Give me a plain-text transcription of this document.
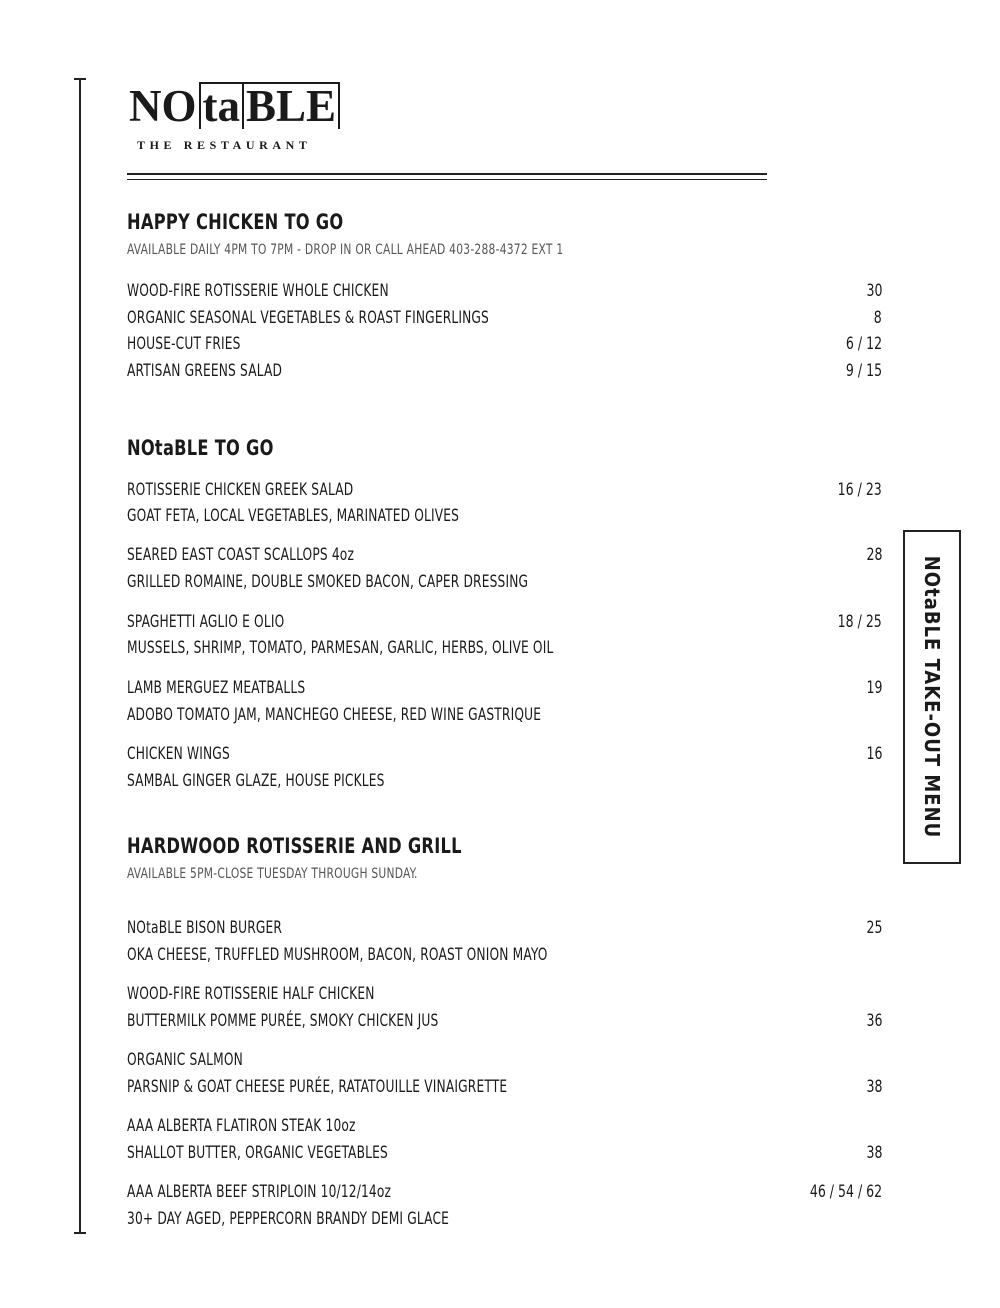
NO ta BLE
THE RESTAURANT
HAPPY CHICKEN TO GO
AVAILABLE DAILY 4PM TO 7PM - DROP IN OR CALL AHEAD 403-288-4372 EXT 1
WOOD-FIRE ROTISSERIE WHOLE CHICKEN	30
ORGANIC SEASONAL VEGETABLES & ROAST FINGERLINGS	8
HOUSE-CUT FRIES	6 / 12
ARTISAN GREENS SALAD	9 / 15
NOtaBLE TO GO
ROTISSERIE CHICKEN GREEK SALAD	16 / 23
GOAT FETA, LOCAL VEGETABLES, MARINATED OLIVES
SEARED EAST COAST SCALLOPS 4oz	28
GRILLED ROMAINE, DOUBLE SMOKED BACON, CAPER DRESSING
SPAGHETTI AGLIO E OLIO	18 / 25
MUSSELS, SHRIMP, TOMATO, PARMESAN, GARLIC, HERBS, OLIVE OIL
LAMB MERGUEZ MEATBALLS	19
ADOBO TOMATO JAM, MANCHEGO CHEESE, RED WINE GASTRIQUE
CHICKEN WINGS	16
SAMBAL GINGER GLAZE, HOUSE PICKLES
HARDWOOD ROTISSERIE AND GRILL
AVAILABLE 5PM-CLOSE TUESDAY THROUGH SUNDAY.
NOtaBLE BISON BURGER	25
OKA CHEESE, TRUFFLED MUSHROOM, BACON, ROAST ONION MAYO
WOOD-FIRE ROTISSERIE HALF CHICKEN
BUTTERMILK POMME PURÉE, SMOKY CHICKEN JUS	36
ORGANIC SALMON
PARSNIP & GOAT CHEESE PURÉE, RATATOUILLE VINAIGRETTE	38
AAA ALBERTA FLATIRON STEAK 10oz
SHALLOT BUTTER, ORGANIC VEGETABLES	38
AAA ALBERTA BEEF STRIPLOIN 10/12/14oz	46 / 54 / 62
30+ DAY AGED, PEPPERCORN BRANDY DEMI GLACE
NOtaBLE TAKE-OUT MENU
